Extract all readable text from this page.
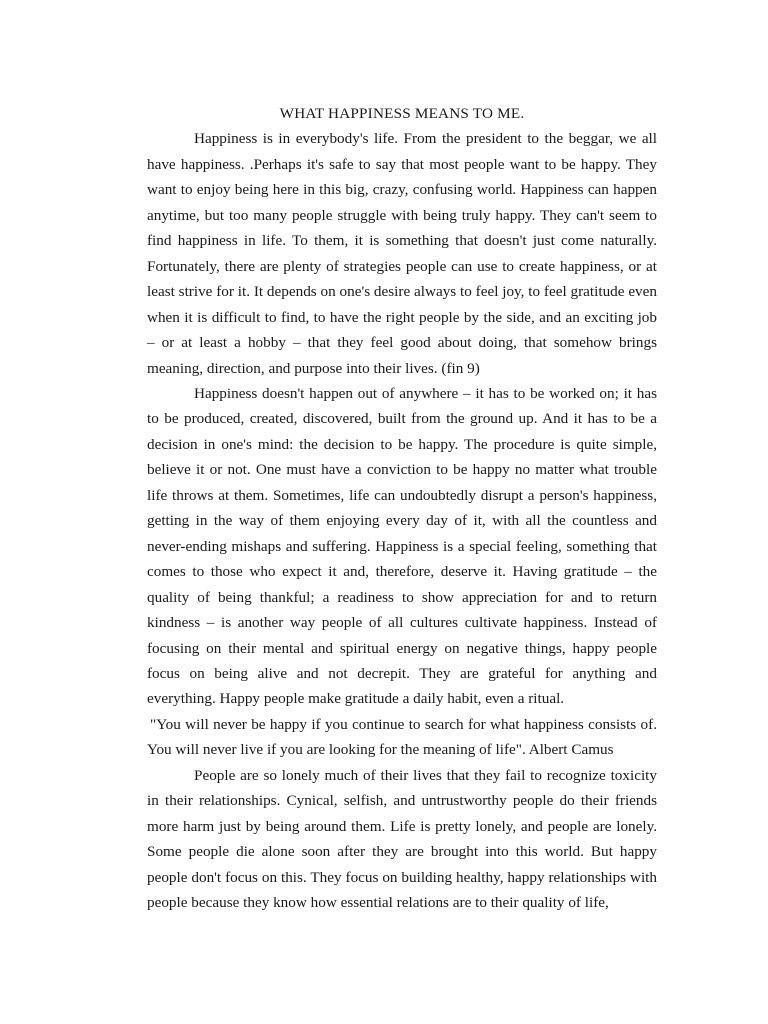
WHAT HAPPINESS MEANS TO ME.

Happiness is in everybody's life. From the president to the beggar, we all have happiness. .Perhaps it's safe to say that most people want to be happy. They want to enjoy being here in this big, crazy, confusing world. Happiness can happen anytime, but too many people struggle with being truly happy. They can't seem to find happiness in life. To them, it is something that doesn't just come naturally. Fortunately, there are plenty of strategies people can use to create happiness, or at least strive for it. It depends on one's desire always to feel joy, to feel gratitude even when it is difficult to find, to have the right people by the side, and an exciting job – or at least a hobby – that they feel good about doing, that somehow brings meaning, direction, and purpose into their lives. (fin 9)

Happiness doesn't happen out of anywhere – it has to be worked on; it has to be produced, created, discovered, built from the ground up. And it has to be a decision in one's mind: the decision to be happy. The procedure is quite simple, believe it or not. One must have a conviction to be happy no matter what trouble life throws at them. Sometimes, life can undoubtedly disrupt a person's happiness, getting in the way of them enjoying every day of it, with all the countless and never-ending mishaps and suffering. Happiness is a special feeling, something that comes to those who expect it and, therefore, deserve it. Having gratitude – the quality of being thankful; a readiness to show appreciation for and to return kindness – is another way people of all cultures cultivate happiness. Instead of focusing on their mental and spiritual energy on negative things, happy people focus on being alive and not decrepit. They are grateful for anything and everything. Happy people make gratitude a daily habit, even a ritual.

"You will never be happy if you continue to search for what happiness consists of. You will never live if you are looking for the meaning of life". Albert Camus

People are so lonely much of their lives that they fail to recognize toxicity in their relationships. Cynical, selfish, and untrustworthy people do their friends more harm just by being around them. Life is pretty lonely, and people are lonely. Some people die alone soon after they are brought into this world. But happy people don't focus on this. They focus on building healthy, happy relationships with people because they know how essential relations are to their quality of life,
